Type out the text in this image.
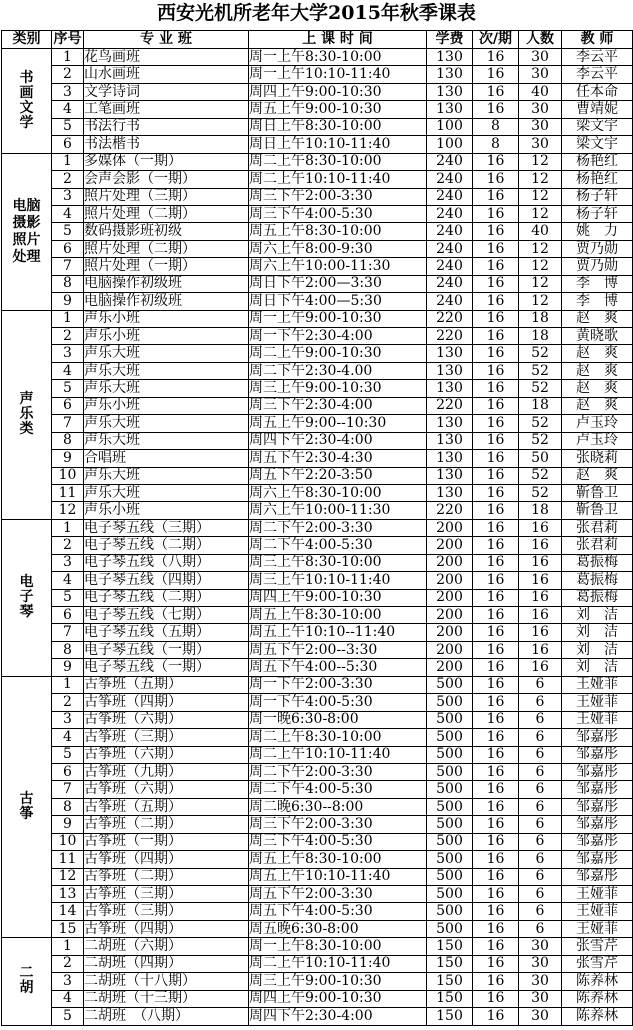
西安光机所老年大学2015年秋季课表
类别	序号	专 业 班	上 课 时 间	学费	次/期	人数	教 师

书
画
文
学	1	花鸟画班	周一上午8:30-10:00	130	16	30	李云平
	2	山水画班	周一上午10:10-11:40	130	16	30	李云平
	3	文学诗词	周四上午9:00-10:30	130	16	40	任本命
	4	工笔画班	周五上午9:00-10:30	130	16	30	曹靖妮
	5	书法行书	周日上午8:30-10:00	100	8	30	梁文宇
	6	书法楷书	周日上午10:10-11:40	100	8	30	梁文宇

电脑
摄影
照片
处理	1	多媒体（一期）	周二上午8:30-10:00	240	16	12	杨艳红
	2	会声会影（一期）	周二上午10:10-11:40	240	16	12	杨艳红
	3	照片处理（三期）	周三下午2:00-3:30	240	16	12	杨子轩
	4	照片处理（二期）	周三下午4:00-5:30	240	16	12	杨子轩
	5	数码摄影班初级	周五上午8:30-10:00	240	16	40	姚　力
	6	照片处理（二期）	周六上午8:00-9:30	240	16	12	贾乃勋
	7	照片处理（一期）	周六上午10:00-11:30	240	16	12	贾乃勋
	8	电脑操作初级班	周日下午2:00—3:30	240	16	12	李　博
	9	电脑操作初级班	周日下午4:00—5:30	240	16	12	李　博

声
乐
类	1	声乐小班	周一上午9:00-10:30	220	16	18	赵　爽
	2	声乐小班	周一下午2:30-4:00	220	16	18	黄晓歌
	3	声乐大班	周二上午9:00-10:30	130	16	52	赵　爽
	4	声乐大班	周二下午2:30-4.00	130	16	52	赵　爽
	5	声乐大班	周三上午9:00-10:30	130	16	52	赵　爽
	6	声乐小班	周三下午2:30-4:00	220	16	18	赵　爽
	7	声乐大班	周五上午9:00--10:30	130	16	52	卢玉玲
	8	声乐大班	周四下午2:30-4:00	130	16	52	卢玉玲
	9	合唱班	周五下午2:30-4:30	130	16	50	张晓莉
	10	声乐大班	周五下午2:20-3:50	130	16	52	赵　爽
	11	声乐大班	周六上午8:30-10:00	130	16	52	靳鲁卫
	12	声乐小班	周六上午10:00-11:30	220	16	18	靳鲁卫

电
子
琴	1	电子琴五线（三期）	周二下午2:00-3:30	200	16	16	张君莉
	2	电子琴五线（二期）	周二下午4:00-5:30	200	16	16	张君莉
	3	电子琴五线（八期）	周三上午8:30-10:00	200	16	16	葛振梅
	4	电子琴五线（四期）	周三上午10:10-11:40	200	16	16	葛振梅
	5	电子琴五线（二期）	周四上午9:00-10:30	200	16	16	葛振梅
	6	电子琴五线（七期）	周五上午8:30-10:00	200	16	16	刘　洁
	7	电子琴五线（五期）	周五上午10:10--11:40	200	16	16	刘　洁
	8	电子琴五线（一期）	周五下午2:00--3:30	200	16	16	刘　洁
	9	电子琴五线（一期）	周五下午4:00--5:30	200	16	16	刘　洁

古
筝	1	古筝班（五期）	周一下午2:00-3:30	500	16	6	王娅菲
	2	古筝班（四期）	周一下午4:00-5:30	500	16	6	王娅菲
	3	古筝班（六期）	周一晚6:30-8:00	500	16	6	王娅菲
	4	古筝班（三期）	周二上午8:30-10:00	500	16	6	邹嘉彤
	5	古筝班（六期）	周二上午10:10-11:40	500	16	6	邹嘉彤
	6	古筝班（九期）	周二下午2:00-3:30	500	16	6	邹嘉彤
	7	古筝班（六期）	周二下午4:00-5:30	500	16	6	邹嘉彤
	8	古筝班（五期）	周二晚6:30--8:00	500	16	6	邹嘉彤
	9	古筝班（二期）	周三下午2:00-3:30	500	16	6	邹嘉彤
	10	古筝班（一期）	周三下午4:00-5:30	500	16	6	邹嘉彤
	11	古筝班（四期）	周五上午8:30-10:00	500	16	6	邹嘉彤
	12	古筝班（二期）	周五上午10:10-11:40	500	16	6	邹嘉彤
	13	古筝班（三期）	周五下午2:00-3:30	500	16	6	王娅菲
	14	古筝班（三期）	周五下午4:00-5:30	500	16	6	王娅菲
	15	古筝班（四期）	周五晚6:30-8:00	500	16	6	王娅菲

二
胡	1	二胡班（六期）	周一上午8:30-10:00	150	16	30	张雪芹
	2	二胡班（四期）	周二上午10:10-11:40	150	16	30	张雪芹
	3	二胡班（十八期）	周三上午9:00-10:30	150	16	30	陈养林
	4	二胡班（十三期）	周四上午9:00-10:30	150	16	30	陈养林
	5	二胡班　（八期）	周四下午2:30-4:00	150	16	30	陈养林
